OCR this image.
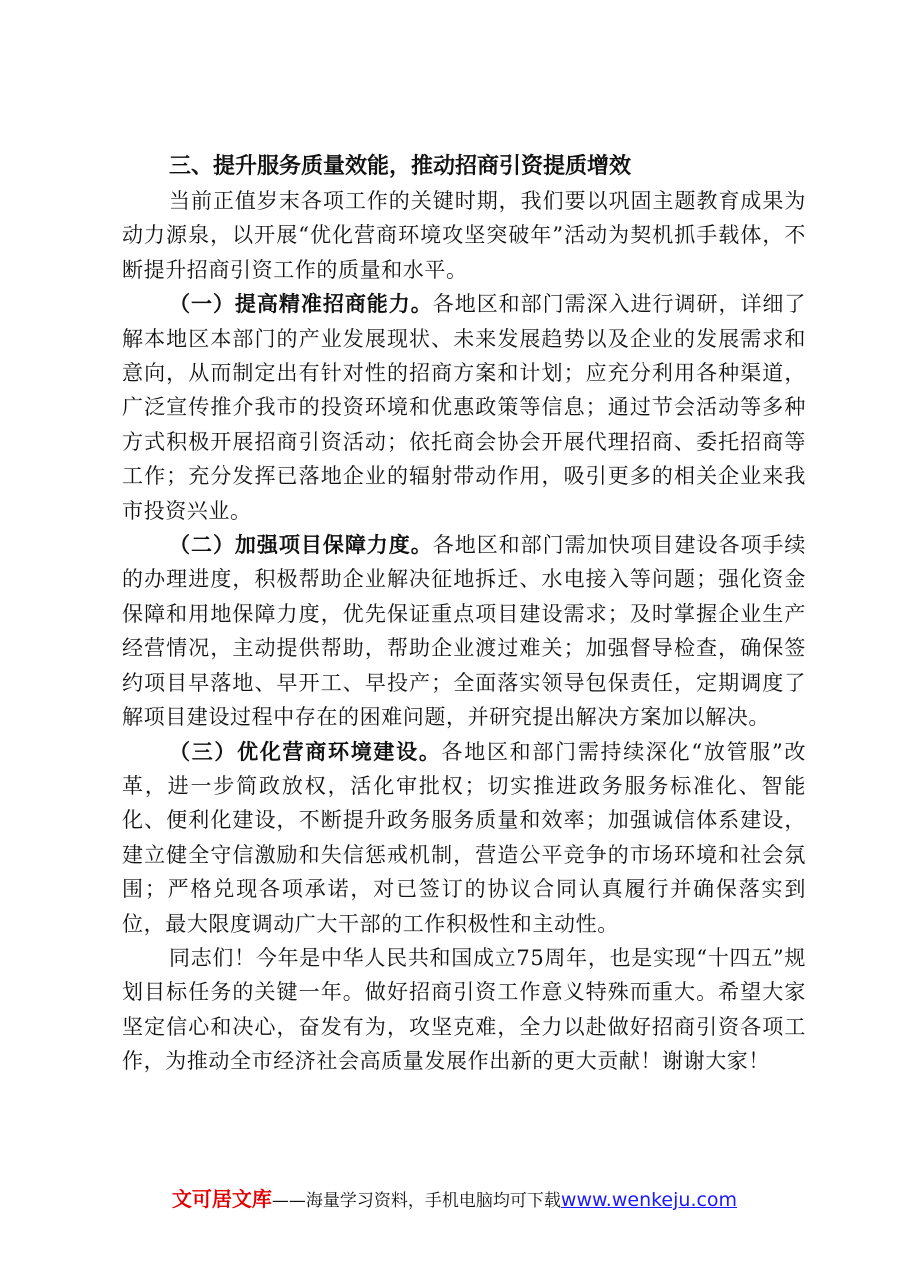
三、提升服务质量效能，推动招商引资提质增效

当前正值岁末各项工作的关键时期，我们要以巩固主题教育成果为动力源泉，以开展“优化营商环境攻坚突破年”活动为契机抓手载体，不断提升招商引资工作的质量和水平。

（一）提高精准招商能力。各地区和部门需深入进行调研，详细了解本地区本部门的产业发展现状、未来发展趋势以及企业的发展需求和意向，从而制定出有针对性的招商方案和计划；应充分利用各种渠道，广泛宣传推介我市的投资环境和优惠政策等信息；通过节会活动等多种方式积极开展招商引资活动；依托商会协会开展代理招商、委托招商等工作；充分发挥已落地企业的辐射带动作用，吸引更多的相关企业来我市投资兴业。

（二）加强项目保障力度。各地区和部门需加快项目建设各项手续的办理进度，积极帮助企业解决征地拆迁、水电接入等问题；强化资金保障和用地保障力度，优先保证重点项目建设需求；及时掌握企业生产经营情况，主动提供帮助，帮助企业渡过难关；加强督导检查，确保签约项目早落地、早开工、早投产；全面落实领导包保责任，定期调度了解项目建设过程中存在的困难问题，并研究提出解决方案加以解决。

（三）优化营商环境建设。各地区和部门需持续深化“放管服”改革，进一步简政放权，活化审批权；切实推进政务服务标准化、智能化、便利化建设，不断提升政务服务质量和效率；加强诚信体系建设，建立健全守信激励和失信惩戒机制，营造公平竞争的市场环境和社会氛围；严格兑现各项承诺，对已签订的协议合同认真履行并确保落实到位，最大限度调动广大干部的工作积极性和主动性。

同志们！今年是中华人民共和国成立75周年，也是实现“十四五”规划目标任务的关键一年。做好招商引资工作意义特殊而重大。希望大家坚定信心和决心，奋发有为，攻坚克难，全力以赴做好招商引资各项工作，为推动全市经济社会高质量发展作出新的更大贡献！谢谢大家！

文可居文库——海量学习资料，手机电脑均可下载www.wenkeju.com
